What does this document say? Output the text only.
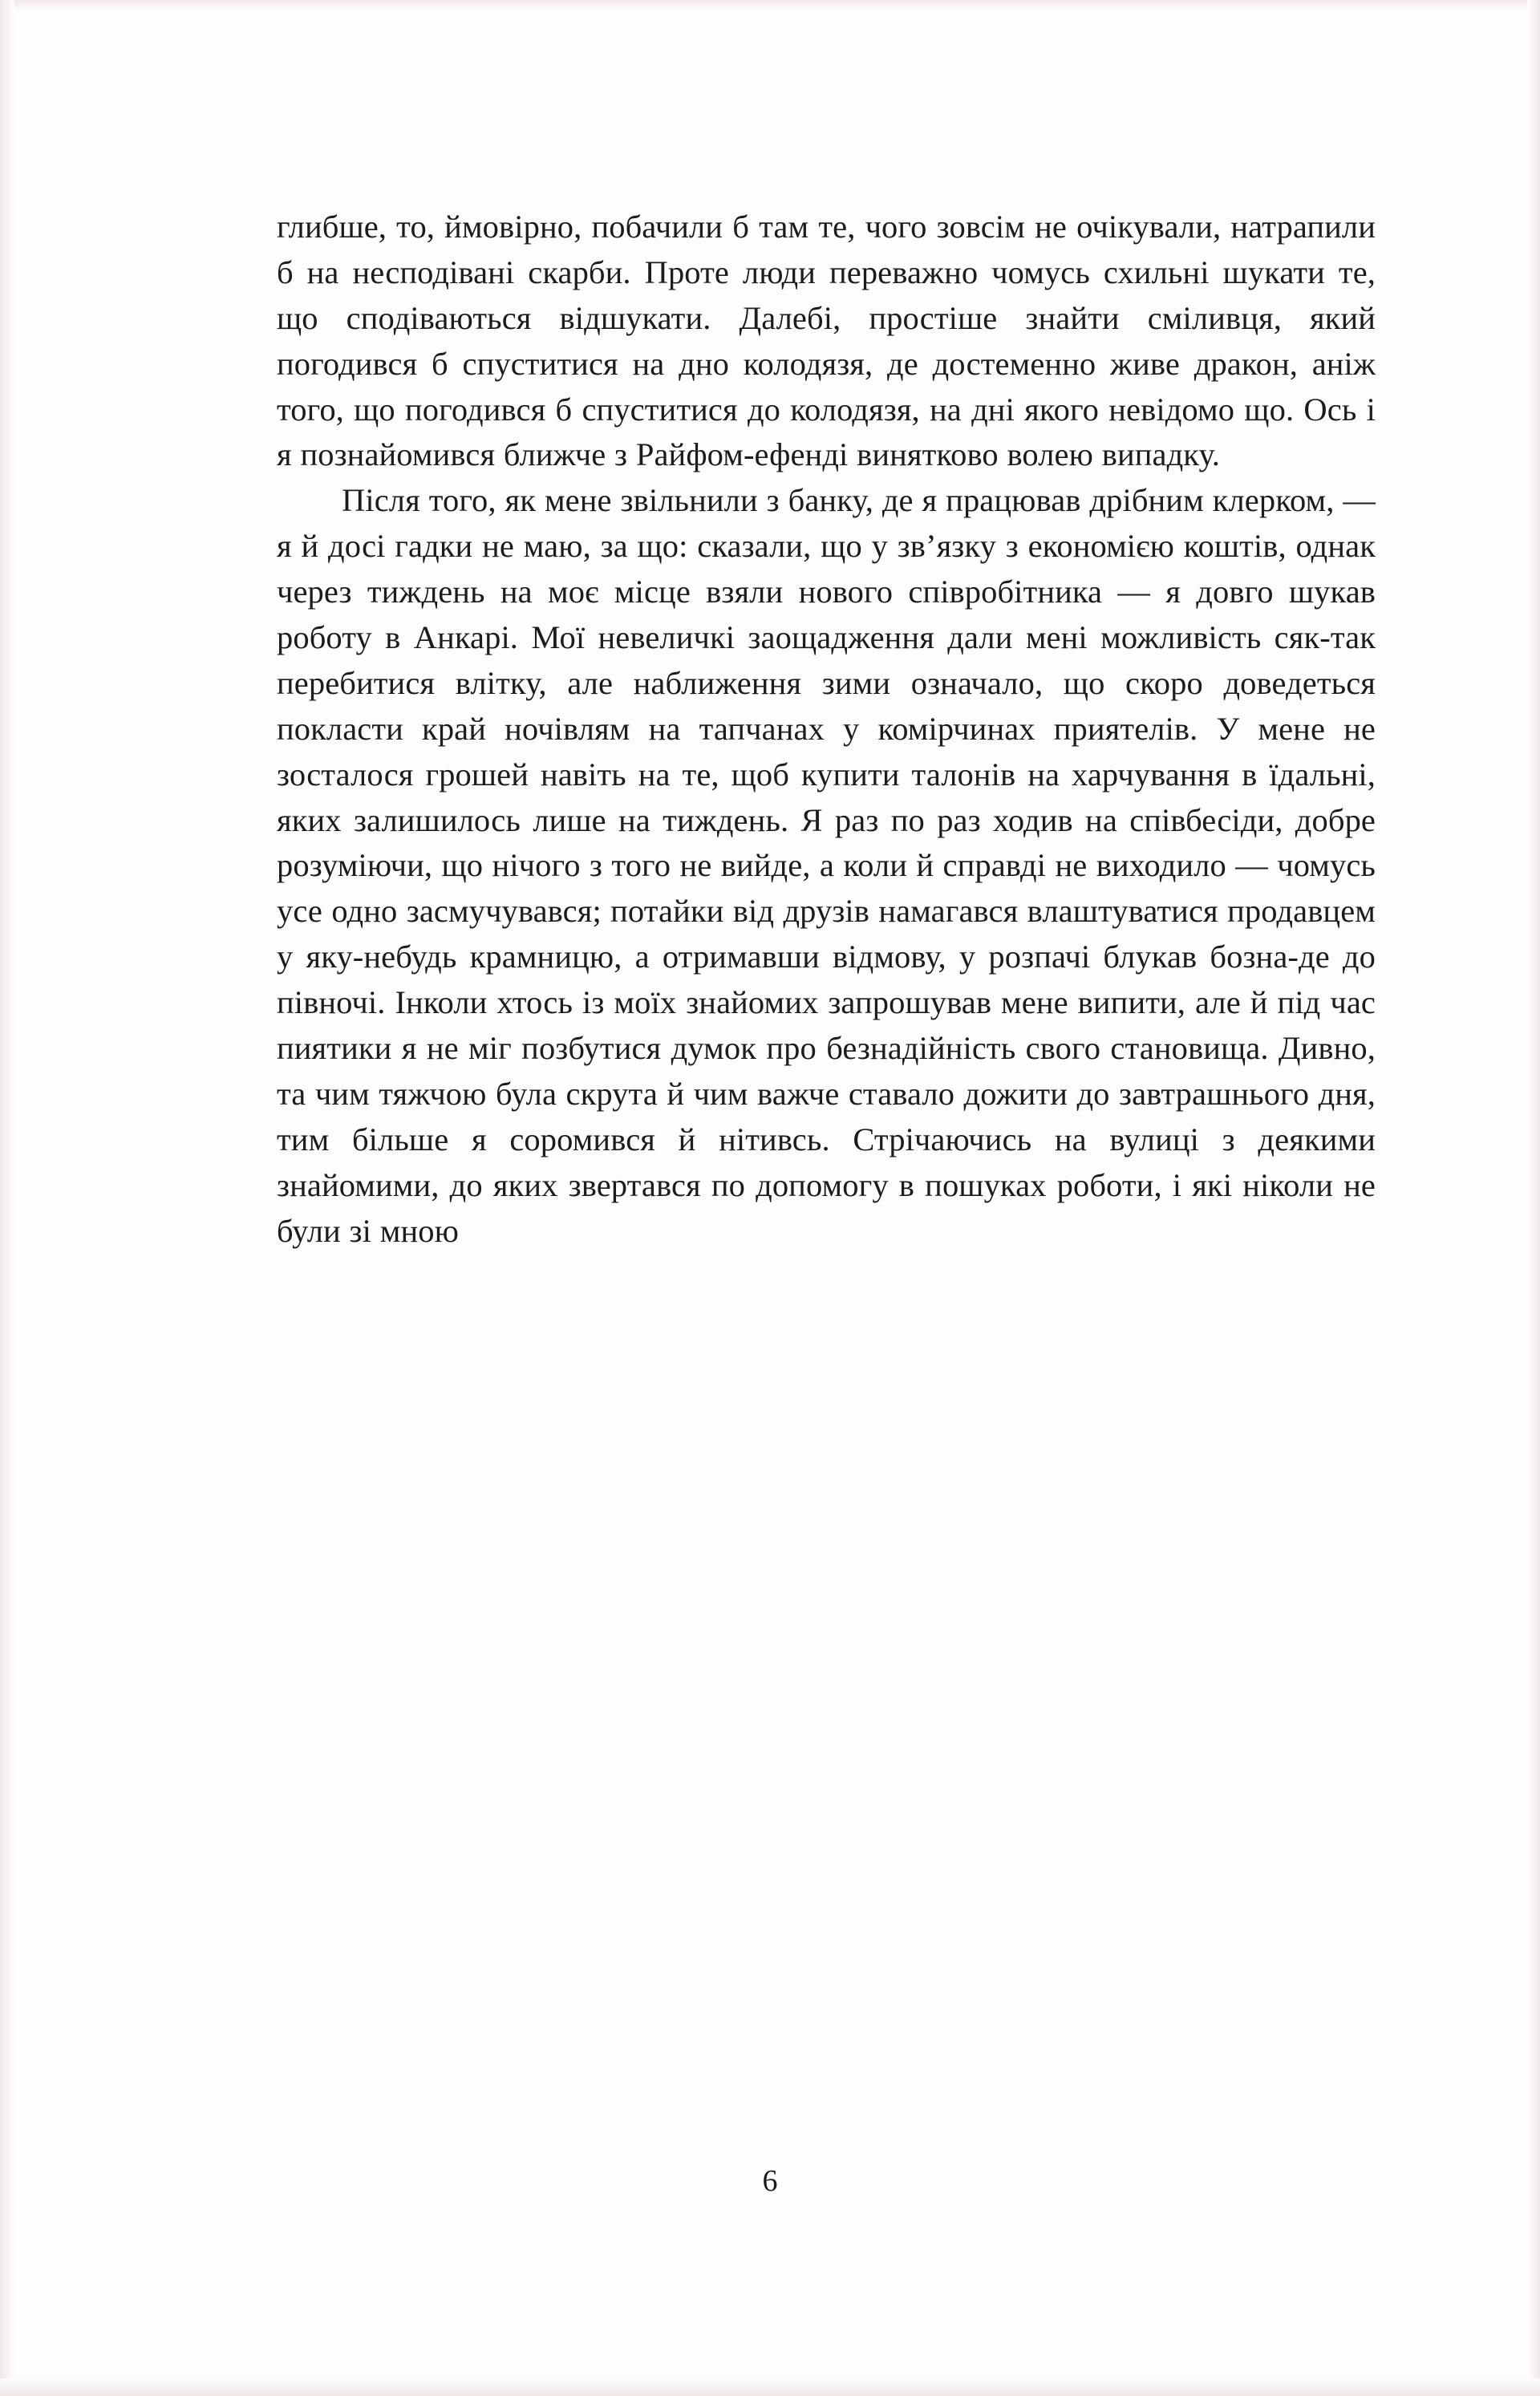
глибше, то, ймовірно, побачили б там те, чого зовсім не очікували, натрапили б на несподівані скарби. Проте люди переважно чомусь схильні шукати те, що сподіваються відшукати. Далебі, простіше знайти сміливця, який погодився б спуститися на дно колодязя, де достеменно живе дракон, аніж того, що погодився б спуститися до колодязя, на дні якого невідомо що. Ось і я познайомився ближче з Райфом-ефенді винятково волею випадку.

Після того, як мене звільнили з банку, де я працював дрібним клерком, — я й досі гадки не маю, за що: сказали, що у зв’язку з економією коштів, однак через тиждень на моє місце взяли нового співробітника — я довго шукав роботу в Анкарі. Мої невеличкі заощадження дали мені можливість сяк-так перебитися влітку, але наближення зими означало, що скоро доведеться покласти край ночівлям на тапчанах у комірчинах приятелів. У мене не зосталося грошей навіть на те, щоб купити талонів на харчування в їдальні, яких залишилось лише на тиждень. Я раз по раз ходив на співбесіди, добре розуміючи, що нічого з того не вийде, а коли й справді не виходило — чомусь усе одно засмучувався; потайки від друзів намагався влаштуватися продавцем у яку-небудь крамницю, а отримавши відмову, у розпачі блукав бозна-де до півночі. Інколи хтось із моїх знайомих запрошував мене випити, але й під час пиятики я не міг позбутися думок про безнадійність свого становища. Дивно, та чим тяжчою була скрута й чим важче ставало дожити до завтрашнього дня, тим більше я соромився й нітивсь. Стрічаючись на вулиці з деякими знайомими, до яких звертався по допомогу в пошуках роботи, і які ніколи не були зі мною

6
